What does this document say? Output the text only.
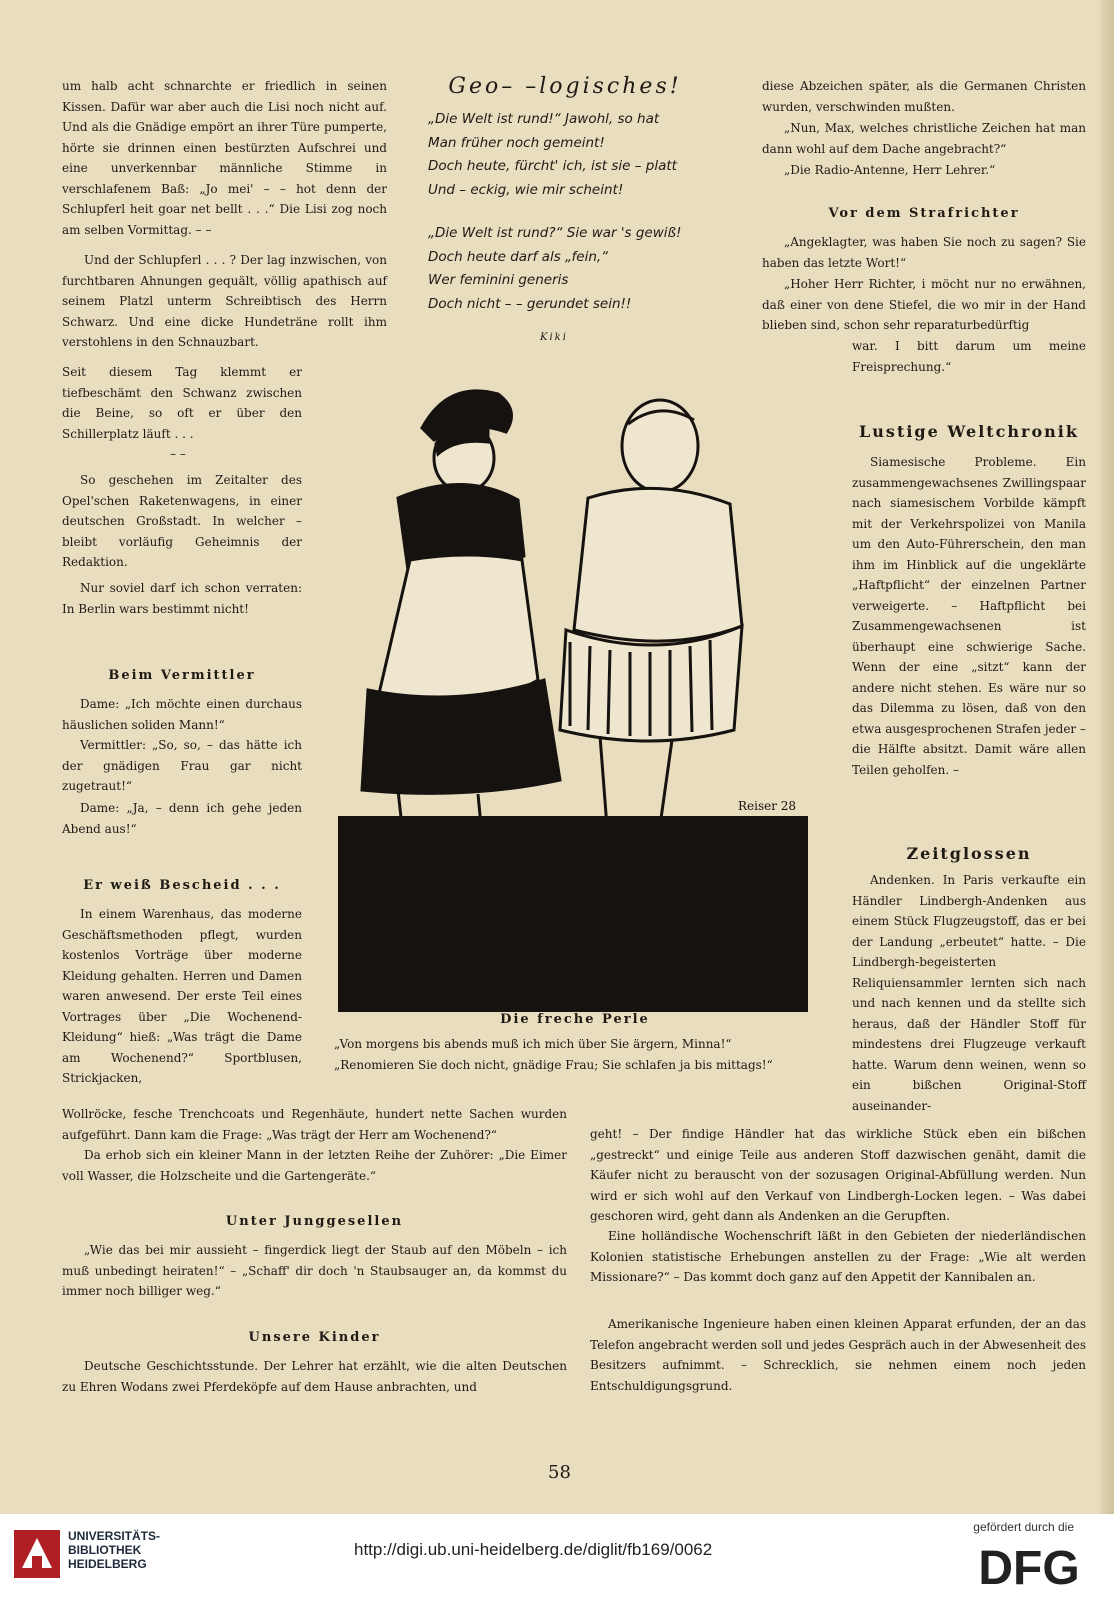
um halb acht schnarchte er friedlich in seinen Kissen. Dafür war aber auch die Lisi noch nicht auf. Und als die Gnädige empört an ihrer Türe pumperte, hörte sie drinnen einen bestürzten Aufschrei und eine unverkennbar männliche Stimme in verschlafenem Baß: „Jo mei' – – hot denn der Schlupferl heit goar net bellt . . .“ Die Lisi zog noch am selben Vormittag. – –

Und der Schlupferl . . . ? Der lag inzwischen, von furchtbaren Ahnungen gequält, völlig apathisch auf seinem Platzl unterm Schreibtisch des Herrn Schwarz. Und eine dicke Hundeträne rollt ihm verstohlens in den Schnauzbart.

Seit diesem Tag klemmt er tiefbeschämt den Schwanz zwischen die Beine, so oft er über den Schillerplatz läuft . . .

– –

So geschehen im Zeitalter des Opel'schen Raketenwagens, in einer deutschen Großstadt. In welcher – bleibt vorläufig Geheimnis der Redaktion.

Nur soviel darf ich schon verraten: In Berlin wars bestimmt nicht!

Beim Vermittler

Dame: „Ich möchte einen durchaus häuslichen soliden Mann!“

Vermittler: „So, so, – das hätte ich der gnädigen Frau gar nicht zugetraut!“

Dame: „Ja, – denn ich gehe jeden Abend aus!“

Er weiß Bescheid . . .

In einem Warenhaus, das moderne Geschäftsmethoden pflegt, wurden kostenlos Vorträge über moderne Kleidung gehalten. Herren und Damen waren anwesend. Der erste Teil eines Vortrages über „Die Wochenend-Kleidung“ hieß: „Was trägt die Dame am Wochenend?“ Sportblusen, Strickjacken,

Wollröcke, fesche Trenchcoats und Regenhäute, hundert nette Sachen wurden aufgeführt. Dann kam die Frage: „Was trägt der Herr am Wochenend?“

Da erhob sich ein kleiner Mann in der letzten Reihe der Zuhörer: „Die Eimer voll Wasser, die Holzscheite und die Gartengeräte.“

Unter Junggesellen

„Wie das bei mir aussieht – fingerdick liegt der Staub auf den Möbeln – ich muß unbedingt heiraten!“ – „Schaff' dir doch 'n Staubsauger an, da kommst du immer noch billiger weg.“

Unsere Kinder

Deutsche Geschichtsstunde. Der Lehrer hat erzählt, wie die alten Deutschen zu Ehren Wodans zwei Pferdeköpfe auf dem Hause anbrachten, und

Geo– –logisches!
„Die Welt ist rund!“ Jawohl, so hat
Man früher noch gemeint!
Doch heute, fürcht' ich, ist sie – platt
Und – eckig, wie mir scheint!
„Die Welt ist rund?“ Sie war 's gewiß!
Doch heute darf als „fein,“
Wer feminini generis
Doch nicht – – gerundet sein!!
Kiki
Reiser 28
Die freche Perle
„Von morgens bis abends muß ich mich über Sie ärgern, Minna!“
„Renomieren Sie doch nicht, gnädige Frau; Sie schlafen ja bis mittags!“

diese Abzeichen später, als die Germanen Christen wurden, verschwinden mußten.

„Nun, Max, welches christliche Zeichen hat man dann wohl auf dem Dache angebracht?“

„Die Radio-Antenne, Herr Lehrer.“

Vor dem Strafrichter

„Angeklagter, was haben Sie noch zu sagen? Sie haben das letzte Wort!“

„Hoher Herr Richter, i möcht nur no erwähnen, daß einer von dene Stiefel, die wo mir in der Hand blieben sind, schon sehr reparaturbedürftig

war. I bitt darum um meine Freisprechung.“

Lustige Weltchronik

Siamesische Probleme. Ein zusammengewachsenes Zwillingspaar nach siamesischem Vorbilde kämpft mit der Verkehrspolizei von Manila um den Auto-Führerschein, den man ihm im Hinblick auf die ungeklärte „Haftpflicht“ der einzelnen Partner verweigerte. – Haftpflicht bei Zusammengewachsenen ist überhaupt eine schwierige Sache. Wenn der eine „sitzt“ kann der andere nicht stehen. Es wäre nur so das Dilemma zu lösen, daß von den etwa ausgesprochenen Strafen jeder – die Hälfte absitzt. Damit wäre allen Teilen geholfen. –

Zeitglossen

Andenken. In Paris verkaufte ein Händler Lindbergh-Andenken aus einem Stück Flugzeugstoff, das er bei der Landung „erbeutet“ hatte. – Die Lindbergh-begeisterten Reliquiensammler lernten sich nach und nach kennen und da stellte sich heraus, daß der Händler Stoff für mindestens drei Flugzeuge verkauft hatte. Warum denn weinen, wenn so ein bißchen Original-Stoff auseinander-

geht! – Der findige Händler hat das wirkliche Stück eben ein bißchen „gestreckt“ und einige Teile aus anderen Stoff dazwischen genäht, damit die Käufer nicht zu berauscht von der sozusagen Original-Abfüllung werden. Nun wird er sich wohl auf den Verkauf von Lindbergh-Locken legen. – Was dabei geschoren wird, geht dann als Andenken an die Gerupften.

Eine holländische Wochenschrift läßt in den Gebieten der niederländischen Kolonien statistische Erhebungen anstellen zu der Frage: „Wie alt werden Missionare?“ – Das kommt doch ganz auf den Appetit der Kannibalen an.

Amerikanische Ingenieure haben einen kleinen Apparat erfunden, der an das Telefon angebracht werden soll und jedes Gespräch auch in der Abwesenheit des Besitzers aufnimmt. – Schrecklich, sie nehmen einem noch jeden Entschuldigungsgrund.

58
UNIVERSITÄTS-
BIBLIOTHEK
HEIDELBERG
http://digi.ub.uni-heidelberg.de/diglit/fb169/0062
gefördert durch die
DFG
